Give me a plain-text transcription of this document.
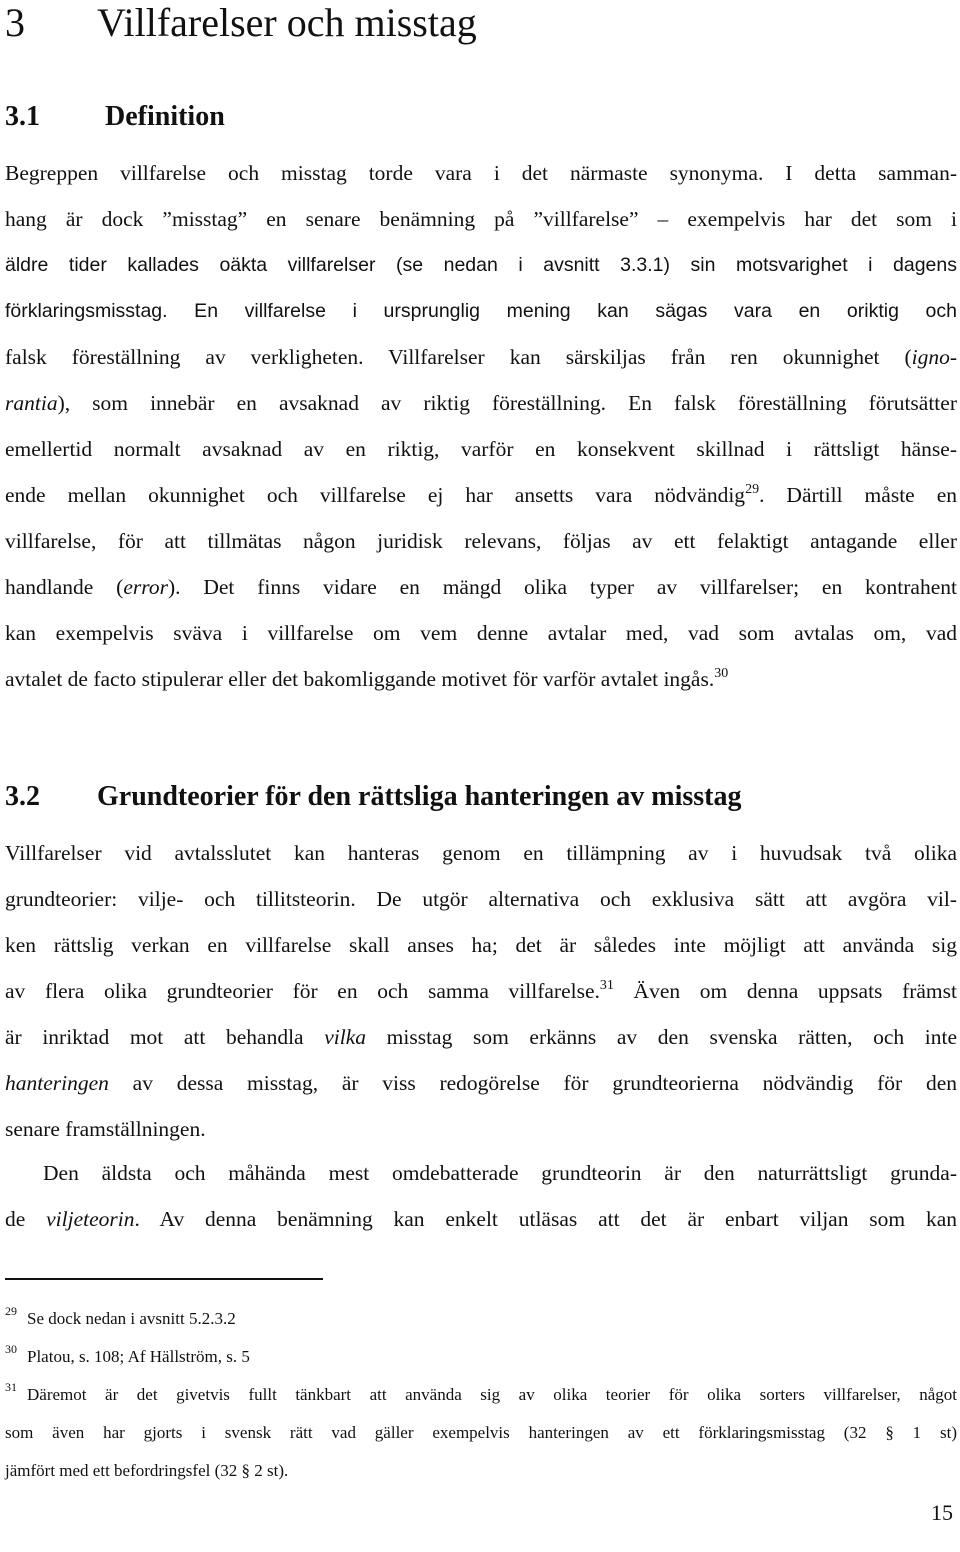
3 Villfarelser och misstag
3.1 Definition
Begreppen villfarelse och misstag torde vara i det närmaste synonyma. I detta samman-
hang är dock ”misstag” en senare benämning på ”villfarelse” – exempelvis har det som i
äldre tider kallades oäkta villfarelser (se nedan i avsnitt 3.3.1) sin motsvarighet i dagens
förklaringsmisstag. En villfarelse i ursprunglig mening kan sägas vara en oriktig och
falsk föreställning av verkligheten. Villfarelser kan särskiljas från ren okunnighet (igno-
rantia), som innebär en avsaknad av riktig föreställning. En falsk föreställning förutsätter
emellertid normalt avsaknad av en riktig, varför en konsekvent skillnad i rättsligt hänse-
ende mellan okunnighet och villfarelse ej har ansetts vara nödvändig$^{29}$. Därtill måste en
villfarelse, för att tillmätas någon juridisk relevans, följas av ett felaktigt antagande eller
handlande (error). Det finns vidare en mängd olika typer av villfarelser; en kontrahent
kan exempelvis sväva i villfarelse om vem denne avtalar med, vad som avtalas om, vad
avtalet de facto stipulerar eller det bakomliggande motivet för varför avtalet ingås.$^{30}$
3.2 Grundteorier för den rättsliga hanteringen av misstag
Villfarelser vid avtalsslutet kan hanteras genom en tillämpning av i huvudsak två olika
grundteorier: vilje- och tillitsteorin. De utgör alternativa och exklusiva sätt att avgöra vil-
ken rättslig verkan en villfarelse skall anses ha; det är således inte möjligt att använda sig
av flera olika grundteorier för en och samma villfarelse.$^{31}$ Även om denna uppsats främst
är inriktad mot att behandla vilka misstag som erkänns av den svenska rätten, och inte
hanteringen av dessa misstag, är viss redogörelse för grundteorierna nödvändig för den
senare framställningen.
Den äldsta och måhända mest omdebatterade grundteorin är den naturrättsligt grunda-
de viljeteorin. Av denna benämning kan enkelt utläsas att det är enbart viljan som kan
$^{29}$ Se dock nedan i avsnitt 5.2.3.2
$^{30}$ Platou, s. 108; Af Hällström, s. 5
$^{31}$ Däremot är det givetvis fullt tänkbart att använda sig av olika teorier för olika sorters villfarelser, något
som även har gjorts i svensk rätt vad gäller exempelvis hanteringen av ett förklaringsmisstag (32 § 1 st)
jämfört med ett befordringsfel (32 § 2 st).
15
